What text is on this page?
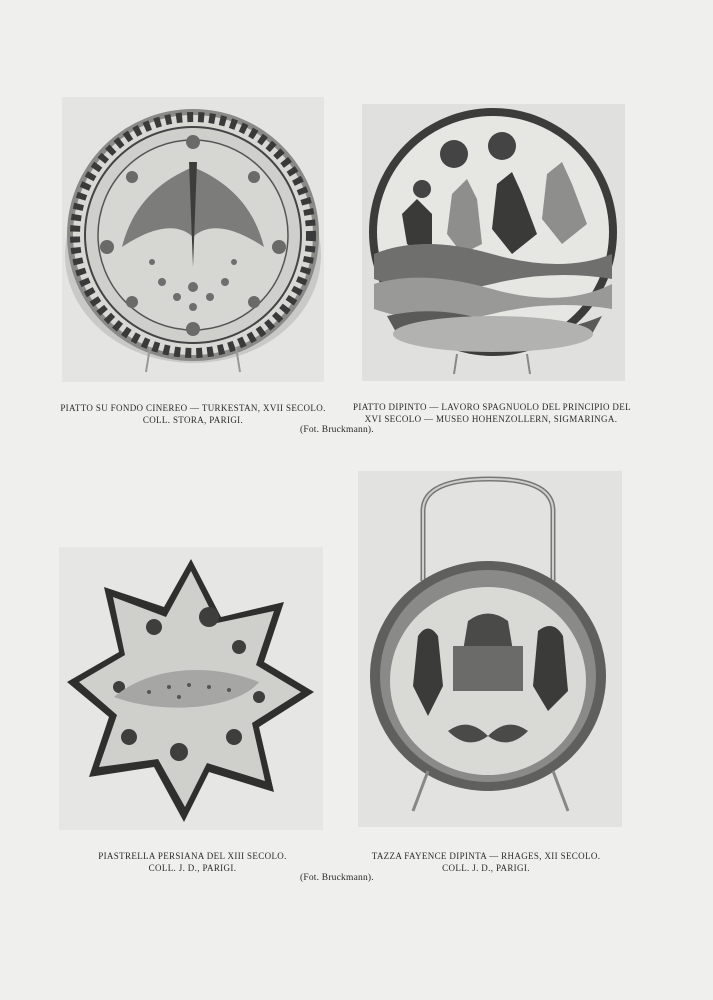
PIATTO SU FONDO CINEREO — TURKESTAN, XVII SECOLO.
COLL. STORA, PARIGI.
PIATTO DIPINTO — LAVORO SPAGNUOLO DEL PRINCIPIO DEL
XVI SECOLO — MUSEO HOHENZOLLERN, SIGMARINGA.
(Fot. Bruckmann).
PIASTRELLA PERSIANA DEL XIII SECOLO.
COLL. J. D., PARIGI.
TAZZA FAYENCE DIPINTA — RHAGES, XII SECOLO.
COLL. J. D., PARIGI.
(Fot. Bruckmann).
